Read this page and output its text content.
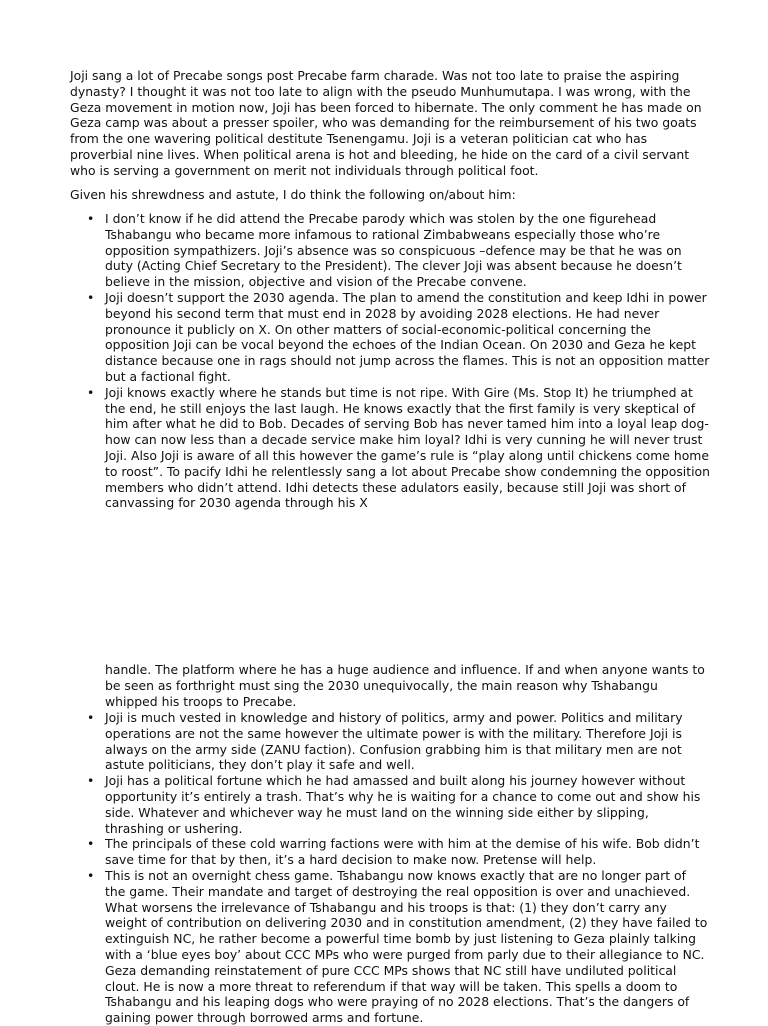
Joji sang a lot of Precabe songs post Precabe farm charade. Was not too late to praise the aspiring dynasty? I thought it was not too late to align with the pseudo Munhumutapa. I was wrong, with the Geza movement in motion now, Joji has been forced to hibernate. The only comment he has made on Geza camp was about a presser spoiler, who was demanding for the reimbursement of his two goats from the one wavering political destitute Tsenengamu. Joji is a veteran politician cat who has proverbial nine lives. When political arena is hot and bleeding, he hide on the card of a civil servant who is serving a government on merit not individuals through political foot.

Given his shrewdness and astute, I do think the following on/about him:

• I don’t know if he did attend the Precabe parody which was stolen by the one figurehead Tshabangu who became more infamous to rational Zimbabweans especially those who’re opposition sympathizers. Joji’s absence was so conspicuous –defence may be that he was on duty (Acting Chief Secretary to the President). The clever Joji was absent because he doesn’t believe in the mission, objective and vision of the Precabe convene.
• Joji doesn’t support the 2030 agenda. The plan to amend the constitution and keep Idhi in power beyond his second term that must end in 2028 by avoiding 2028 elections. He had never pronounce it publicly on X. On other matters of social-economic-political concerning the opposition Joji can be vocal beyond the echoes of the Indian Ocean. On 2030 and Geza he kept distance because one in rags should not jump across the flames. This is not an opposition matter but a factional fight.
• Joji knows exactly where he stands but time is not ripe. With Gire (Ms. Stop It) he triumphed at the end, he still enjoys the last laugh. He knows exactly that the first family is very skeptical of him after what he did to Bob. Decades of serving Bob has never tamed him into a loyal leap dog- how can now less than a decade service make him loyal? Idhi is very cunning he will never trust Joji. Also Joji is aware of all this however the game’s rule is “play along until chickens come home to roost”. To pacify Idhi he relentlessly sang a lot about Precabe show condemning the opposition members who didn’t attend. Idhi detects these adulators easily, because still Joji was short of canvassing for 2030 agenda through his X

handle. The platform where he has a huge audience and influence. If and when anyone wants to be seen as forthright must sing the 2030 unequivocally, the main reason why Tshabangu whipped his troops to Precabe.

• Joji is much vested in knowledge and history of politics, army and power. Politics and military operations are not the same however the ultimate power is with the military. Therefore Joji is always on the army side (ZANU faction). Confusion grabbing him is that military men are not astute politicians, they don’t play it safe and well.
• Joji has a political fortune which he had amassed and built along his journey however without opportunity it’s entirely a trash. That’s why he is waiting for a chance to come out and show his side. Whatever and whichever way he must land on the winning side either by slipping, thrashing or ushering.
• The principals of these cold warring factions were with him at the demise of his wife. Bob didn’t save time for that by then, it’s a hard decision to make now. Pretense will help.
• This is not an overnight chess game. Tshabangu now knows exactly that are no longer part of the game. Their mandate and target of destroying the real opposition is over and unachieved. What worsens the irrelevance of Tshabangu and his troops is that: (1) they don’t carry any weight of contribution on delivering 2030 and in constitution amendment, (2) they have failed to extinguish NC, he rather become a powerful time bomb by just listening to Geza plainly talking with a ‘blue eyes boy’ about CCC MPs who were purged from parly due to their allegiance to NC. Geza demanding reinstatement of pure CCC MPs shows that NC still have undiluted political clout. He is now a more threat to referendum if that way will be taken. This spells a doom to Tshabangu and his leaping dogs who were praying of no 2028 elections. That’s the dangers of gaining power through borrowed arms and fortune.
